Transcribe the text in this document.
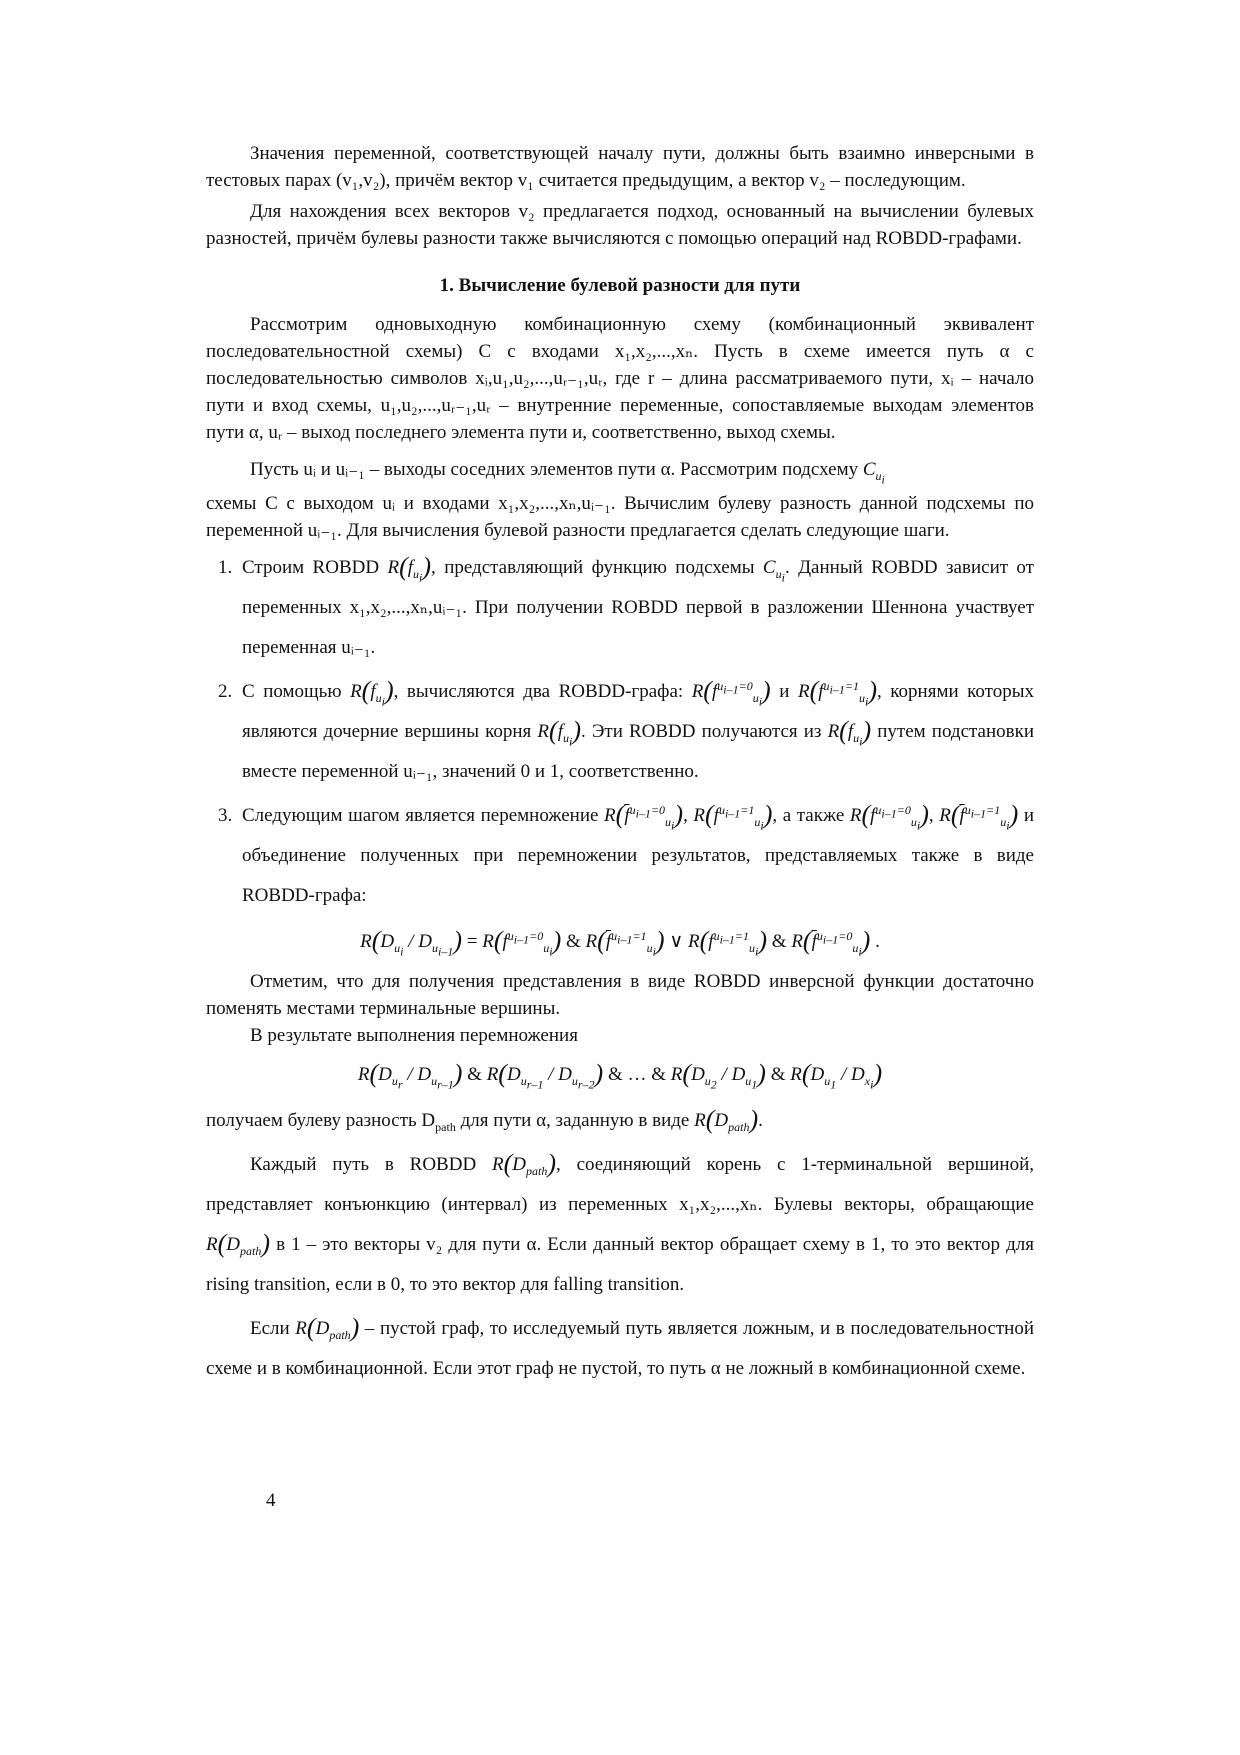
Значения переменной, соответствующей началу пути, должны быть взаимно инверсными в тестовых парах (v₁,v₂), причём вектор v₁ считается предыдущим, а вектор v₂ – последующим.

Для нахождения всех векторов v₂ предлагается подход, основанный на вычислении булевых разностей, причём булевы разности также вычисляются с помощью операций над ROBDD-графами.

1. Вычисление булевой разности для пути

Рассмотрим одновыходную комбинационную схему (комбинационный эквивалент последовательностной схемы) C с входами x₁,x₂,...,xₙ. Пусть в схеме имеется путь α с последовательностью символов xᵢ,u₁,u₂,...,uᵣ₋₁,uᵣ, где r – длина рассматриваемого пути, xᵢ – начало пути и вход схемы, u₁,u₂,...,uᵣ₋₁,uᵣ – внутренние переменные, сопоставляемые выходам элементов пути α, uᵣ – выход последнего элемента пути и, соответственно, выход схемы.

Пусть uᵢ и uᵢ₋₁ – выходы соседних элементов пути α. Рассмотрим подсхему $C_{u_i}$

схемы C с выходом uᵢ и входами x₁,x₂,...,xₙ,uᵢ₋₁. Вычислим булеву разность данной подсхемы по переменной uᵢ₋₁. Для вычисления булевой разности предлагается сделать следующие шаги.

1. Строим ROBDD $R(f_{u_i})$, представляющий функцию подсхемы $C_{u_i}$. Данный ROBDD зависит от переменных x₁,x₂,...,xₙ,uᵢ₋₁. При получении ROBDD первой в разложении Шеннона участвует переменная uᵢ₋₁.
2. С помощью $R(f_{u_i})$, вычисляются два ROBDD-графа: $R(f^{u_{i-1}=0}_{u_i})$ и $R(f^{u_{i-1}=1}_{u_i})$, корнями которых являются дочерние вершины корня $R(f_{u_i})$. Эти ROBDD получаются из $R(f_{u_i})$ путем подстановки вместе переменной uᵢ₋₁, значений 0 и 1, соответственно.
3. Следующим шагом является перемножение $R(\overline{f}^{u_{i-1}=0}_{u_i})$, $R(f^{u_{i-1}=1}_{u_i})$, а также $R(f^{u_{i-1}=0}_{u_i})$, $R(\overline{f}^{u_{i-1}=1}_{u_i})$ и объединение полученных при перемножении результатов, представляемых также в виде ROBDD-графа:
$R(D_{u_i} / D_{u_{i-1}}) = R(f^{u_{i-1}=0}_{u_i})$ & $R(\overline{f}^{u_{i-1}=1}_{u_i})$ ∨ $R(f^{u_{i-1}=1}_{u_i})$ & $R(\overline{f}^{u_{i-1}=0}_{u_i})$ .

Отметим, что для получения представления в виде ROBDD инверсной функции достаточно поменять местами терминальные вершины.

В результате выполнения перемножения

$R(D_{u_r} / D_{u_{r-1}})$ & $R(D_{u_{r-1}} / D_{u_{r-2}})$ & … & $R(D_{u_2} / D_{u_1})$ & $R(D_{u_1} / D_{x_i})$

получаем булеву разность $D_{path}$ для пути α, заданную в виде $R(D_{path})$.

Каждый путь в ROBDD $R(D_{path})$, соединяющий корень с 1-терминальной вершиной, представляет конъюнкцию (интервал) из переменных x₁,x₂,...,xₙ. Булевы векторы, обращающие $R(D_{path})$ в 1 – это векторы v₂ для пути α. Если данный вектор обращает схему в 1, то это вектор для rising transition, если в 0, то это вектор для falling transition.

Если $R(D_{path})$ – пустой граф, то исследуемый путь является ложным, и в последовательностной схеме и в комбинационной. Если этот граф не пустой, то путь α не ложный в комбинационной схеме.

4
